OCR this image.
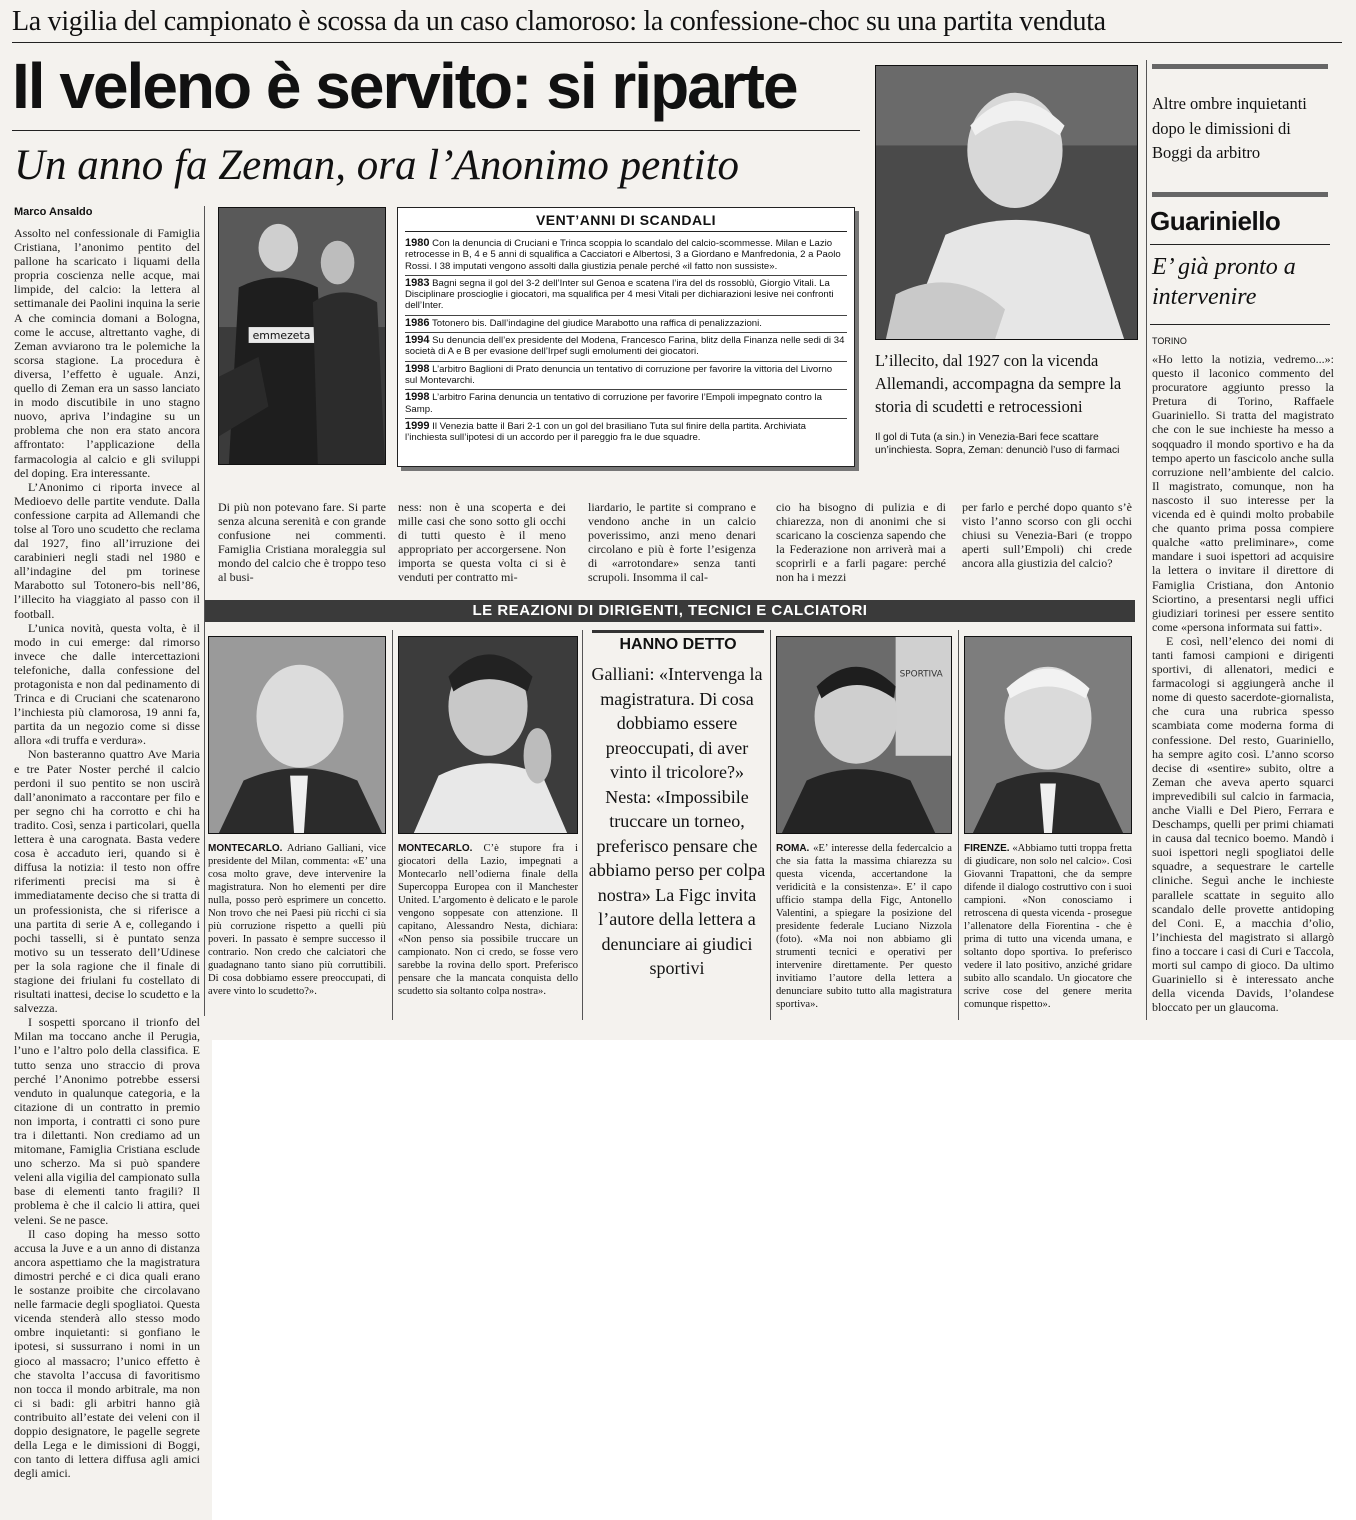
La vigilia del campionato è scossa da un caso clamoroso: la confessione-choc su una partita venduta
Il veleno è servito: si riparte
Un anno fa Zeman, ora l’Anonimo pentito
Marco Ansaldo

Assolto nel confessionale di Famiglia Cristiana, l’anonimo pentito del pallone ha scaricato i liquami della propria coscienza nelle acque, mai limpide, del calcio: la lettera al settimanale dei Paolini inquina la serie A che comincia domani a Bologna, come le accuse, altrettanto vaghe, di Zeman avviarono tra le polemiche la scorsa stagione. La procedura è diversa, l’effetto è uguale. Anzi, quello di Zeman era un sasso lanciato in modo discutibile in uno stagno nuovo, apriva l’indagine su un problema che non era stato ancora affrontato: l’applicazione della farmacologia al calcio e gli sviluppi del doping. Era interessante.

L’Anonimo ci riporta invece al Medioevo delle partite vendute. Dalla confessione carpita ad Allemandi che tolse al Toro uno scudetto che reclama dal 1927, fino all’irruzione dei carabinieri negli stadi nel 1980 e all’indagine del pm torinese Marabotto sul Totonero-bis nell’86, l’illecito ha viaggiato al passo con il football.

L’unica novità, questa volta, è il modo in cui emerge: dal rimorso invece che dalle intercettazioni telefoniche, dalla confessione del protagonista e non dal pedinamento di Trinca e di Cruciani che scatenarono l’inchiesta più clamorosa, 19 anni fa, partita da un negozio come si disse allora «di truffa e verdura».

Non basteranno quattro Ave Maria e tre Pater Noster perché il calcio perdoni il suo pentito se non uscirà dall’anonimato a raccontare per filo e per segno chi ha corrotto e chi ha tradito. Così, senza i particolari, quella lettera è una carognata. Basta vedere cosa è accaduto ieri, quando si è diffusa la notizia: il testo non offre riferimenti precisi ma si è immediatamente deciso che si tratta di un professionista, che si riferisce a una partita di serie A e, collegando i pochi tasselli, si è puntato senza motivo su un tesserato dell’Udinese per la sola ragione che il finale di stagione dei friulani fu costellato di risultati inattesi, decise lo scudetto e la salvezza.

I sospetti sporcano il trionfo del Milan ma toccano anche il Perugia, l’uno e l’altro polo della classifica. E tutto senza uno straccio di prova perché l’Anonimo potrebbe essersi venduto in qualunque categoria, e la citazione di un contratto in premio non importa, i contratti ci sono pure tra i dilettanti. Non crediamo ad un mitomane, Famiglia Cristiana esclude uno scherzo. Ma si può spandere veleni alla vigilia del campionato sulla base di elementi tanto fragili? Il problema è che il calcio li attira, quei veleni. Se ne pasce.

Il caso doping ha messo sotto accusa la Juve e a un anno di distanza ancora aspettiamo che la magistratura dimostri perché e ci dica quali erano le sostanze proibite che circolavano nelle farmacie degli spogliatoi. Questa vicenda stenderà allo stesso modo ombre inquietanti: si gonfiano le ipotesi, si sussurrano i nomi in un gioco al massacro; l’unico effetto è che stavolta l’accusa di favoritismo non tocca il mondo arbitrale, ma non ci si badi: gli arbitri hanno già contribuito all’estate dei veleni con il doppio designatore, le pagelle segrete della Lega e le dimissioni di Boggi, con tanto di lettera diffusa agli amici degli amici.

emmezeta
VENT’ANNI DI SCANDALI
1980 Con la denuncia di Cruciani e Trinca scoppia lo scandalo del calcio-scommesse. Milan e Lazio retrocesse in B, 4 e 5 anni di squalifica a Cacciatori e Albertosi, 3 a Giordano e Manfredonia, 2 a Paolo Rossi. I 38 imputati vengono assolti dalla giustizia penale perché «il fatto non sussiste».
1983 Bagni segna il gol del 3-2 dell’Inter sul Genoa e scatena l’ira del ds rossoblù, Giorgio Vitali. La Disciplinare proscioglie i giocatori, ma squalifica per 4 mesi Vitali per dichiarazioni lesive nei confronti dell’Inter.
1986 Totonero bis. Dall’indagine del giudice Marabotto una raffica di penalizzazioni.
1994 Su denuncia dell’ex presidente del Modena, Francesco Farina, blitz della Finanza nelle sedi di 34 società di A e B per evasione dell’Irpef sugli emolumenti dei giocatori.
1998 L’arbitro Baglioni di Prato denuncia un tentativo di corruzione per favorire la vittoria del Livorno sul Montevarchi.
1998 L’arbitro Farina denuncia un tentativo di corruzione per favorire l’Empoli impegnato contro la Samp.
1999 Il Venezia batte il Bari 2-1 con un gol del brasiliano Tuta sul finire della partita. Archiviata l’inchiesta sull’ipotesi di un accordo per il pareggio fra le due squadre.
L’illecito, dal 1927 con la vicenda Allemandi, accompagna da sempre la storia di scudetti e retrocessioni
Il gol di Tuta (a sin.) in Venezia-Bari fece scattare un’inchiesta. Sopra, Zeman: denunciò l’uso di farmaci
Di più non potevano fare. Si parte senza alcuna serenità e con grande confusione nei commenti. Famiglia Cristiana moraleggia sul mondo del calcio che è troppo teso al busi-
ness: non è una scoperta e dei mille casi che sono sotto gli occhi di tutti questo è il meno appropriato per accorgersene. Non importa se questa volta ci si è venduti per contratto mi-
liardario, le partite si comprano e vendono anche in un calcio poverissimo, anzi meno denari circolano e più è forte l’esigenza di «arrotondare» senza tanti scrupoli. Insomma il cal-
cio ha bisogno di pulizia e di chiarezza, non di anonimi che si scaricano la coscienza sapendo che la Federazione non arriverà mai a scoprirli e a farli pagare: perché non ha i mezzi
per farlo e perché dopo quanto s’è visto l’anno scorso con gli occhi chiusi su Venezia-Bari (e troppo aperti sull’Empoli) chi crede ancora alla giustizia del calcio?
Altre ombre inquietanti dopo le dimissioni di Boggi da arbitro
Guariniello
E’ già pronto a intervenire
TORINO

«Ho letto la notizia, vedremo...»: questo il laconico commento del procuratore aggiunto presso la Pretura di Torino, Raffaele Guariniello. Si tratta del magistrato che con le sue inchieste ha messo a soqquadro il mondo sportivo e ha da tempo aperto un fascicolo anche sulla corruzione nell’ambiente del calcio. Il magistrato, comunque, non ha nascosto il suo interesse per la vicenda ed è quindi molto probabile che quanto prima possa compiere qualche «atto preliminare», come mandare i suoi ispettori ad acquisire la lettera o invitare il direttore di Famiglia Cristiana, don Antonio Sciortino, a presentarsi negli uffici giudiziari torinesi per essere sentito come «persona informata sui fatti».

E così, nell’elenco dei nomi di tanti famosi campioni e dirigenti sportivi, di allenatori, medici e farmacologi si aggiungerà anche il nome di questo sacerdote-giornalista, che cura una rubrica spesso scambiata come moderna forma di confessione. Del resto, Guariniello, ha sempre agito così. L’anno scorso decise di «sentire» subito, oltre a Zeman che aveva aperto squarci imprevedibili sul calcio in farmacia, anche Vialli e Del Piero, Ferrara e Deschamps, quelli per primi chiamati in causa dal tecnico boemo. Mandò i suoi ispettori negli spogliatoi delle squadre, a sequestrare le cartelle cliniche. Seguì anche le inchieste parallele scattate in seguito allo scandalo delle provette antidoping del Coni. E, a macchia d’olio, l’inchiesta del magistrato si allargò fino a toccare i casi di Curi e Taccola, morti sul campo di gioco. Da ultimo Guariniello si è interessato anche della vicenda Davids, l’olandese bloccato per un glaucoma.

LE REAZIONI DI DIRIGENTI, TECNICI E CALCIATORI
SPORTIVA
HANNO DETTO
Galliani: «Intervenga la magistratura. Di cosa dobbiamo essere preoccupati, di aver vinto il tricolore?» Nesta: «Impossibile truccare un torneo, preferisco pensare che abbiamo perso per colpa nostra» La Figc invita l’autore della lettera a denunciare ai giudici sportivi
MONTECARLO. Adriano Galliani, vice presidente del Milan, commenta: «E’ una cosa molto grave, deve intervenire la magistratura. Non ho elementi per dire nulla, posso però esprimere un concetto. Non trovo che nei Paesi più ricchi ci sia più corruzione rispetto a quelli più poveri. In passato è sempre successo il contrario. Non credo che calciatori che guadagnano tanto siano più corruttibili. Di cosa dobbiamo essere preoccupati, di avere vinto lo scudetto?».
MONTECARLO. C’è stupore fra i giocatori della Lazio, impegnati a Montecarlo nell’odierna finale della Supercoppa Europea con il Manchester United. L’argomento è delicato e le parole vengono soppesate con attenzione. Il capitano, Alessandro Nesta, dichiara: «Non penso sia possibile truccare un campionato. Non ci credo, se fosse vero sarebbe la rovina dello sport. Preferisco pensare che la mancata conquista dello scudetto sia soltanto colpa nostra».
ROMA. «E’ interesse della federcalcio a che sia fatta la massima chiarezza su questa vicenda, accertandone la veridicità e la consistenza». E’ il capo ufficio stampa della Figc, Antonello Valentini, a spiegare la posizione del presidente federale Luciano Nizzola (foto). «Ma noi non abbiamo gli strumenti tecnici e operativi per intervenire direttamente. Per questo invitiamo l’autore della lettera a denunciare subito tutto alla magistratura sportiva».
FIRENZE. «Abbiamo tutti troppa fretta di giudicare, non solo nel calcio». Così Giovanni Trapattoni, che da sempre difende il dialogo costruttivo con i suoi campioni. «Non conosciamo i retroscena di questa vicenda - prosegue l’allenatore della Fiorentina - che è prima di tutto una vicenda umana, e soltanto dopo sportiva. Io preferisco vedere il lato positivo, anziché gridare subito allo scandalo. Un giocatore che scrive cose del genere merita comunque rispetto».
